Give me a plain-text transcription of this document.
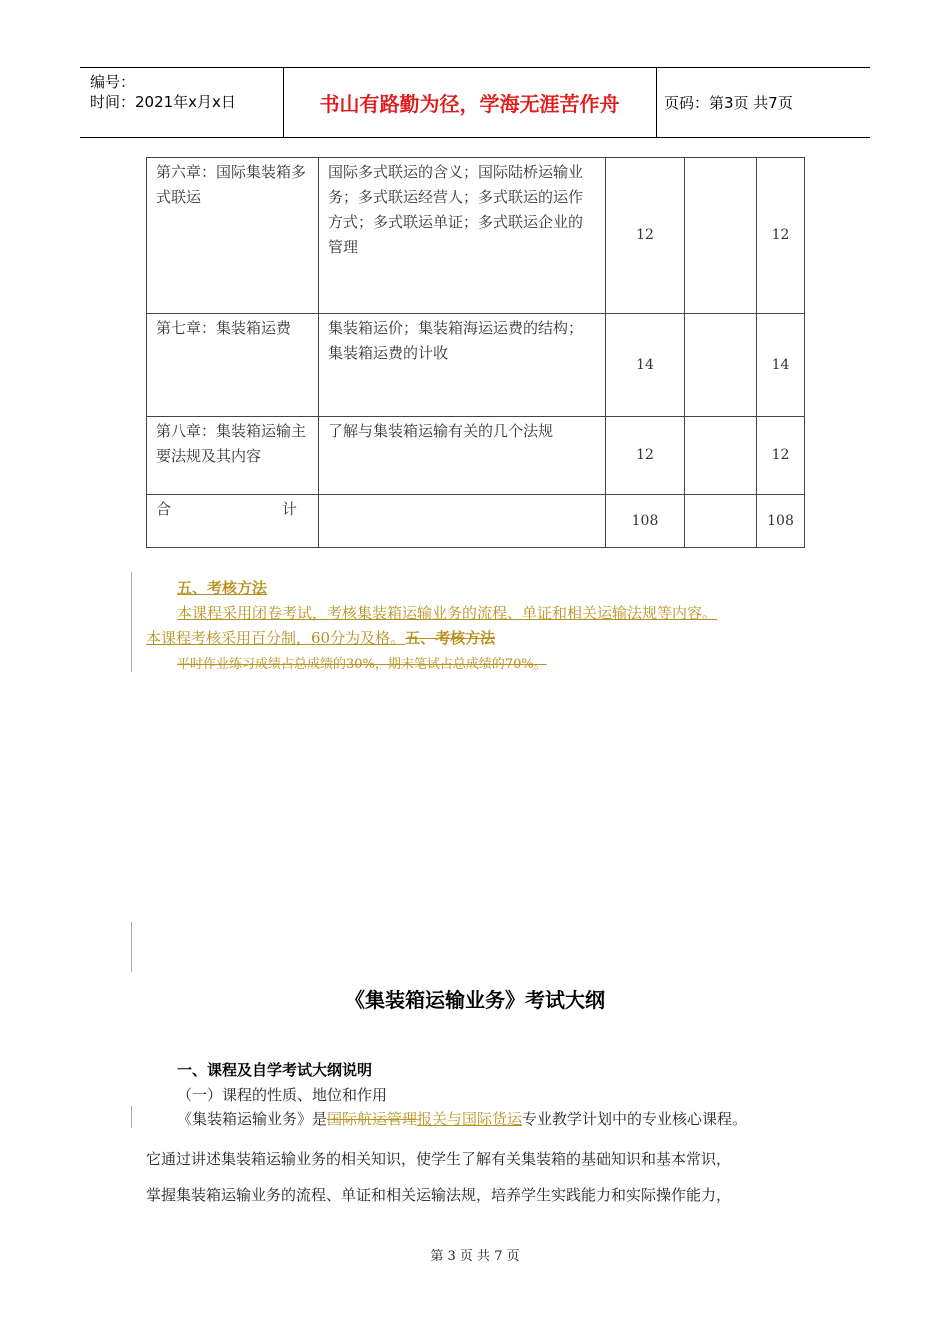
编号：
时间：2021年x月x日	书山有路勤为径，学海无涯苦作舟	页码：第3页 共7页
第六章：国际集装箱多式联运	国际多式联运的含义；国际陆桥运输业务；多式联运经营人；多式联运的运作方式；多式联运单证；多式联运企业的管理	12		12
第七章：集装箱运费	集装箱运价；集装箱海运运费的结构；集装箱运费的计收	14		14
第八章：集装箱运输主要法规及其内容	了解与集装箱运输有关的几个法规	12		12

合 计		108		108
五、考核方法
本课程采用闭卷考试，考核集装箱运输业务的流程、单证和相关运输法规等内容。
本课程考核采用百分制，60分为及格。五、考核方法
平时作业练习成绩占总成绩的30%，期末笔试占总成绩的70%。
《集装箱运输业务》考试大纲
一、课程及自学考试大纲说明
（一）课程的性质、地位和作用
《集装箱运输业务》是国际航运管理报关与国际货运专业教学计划中的专业核心课程。
它通过讲述集装箱运输业务的相关知识，使学生了解有关集装箱的基础知识和基本常识，
掌握集装箱运输业务的流程、单证和相关运输法规，培养学生实践能力和实际操作能力，
第 3 页 共 7 页
